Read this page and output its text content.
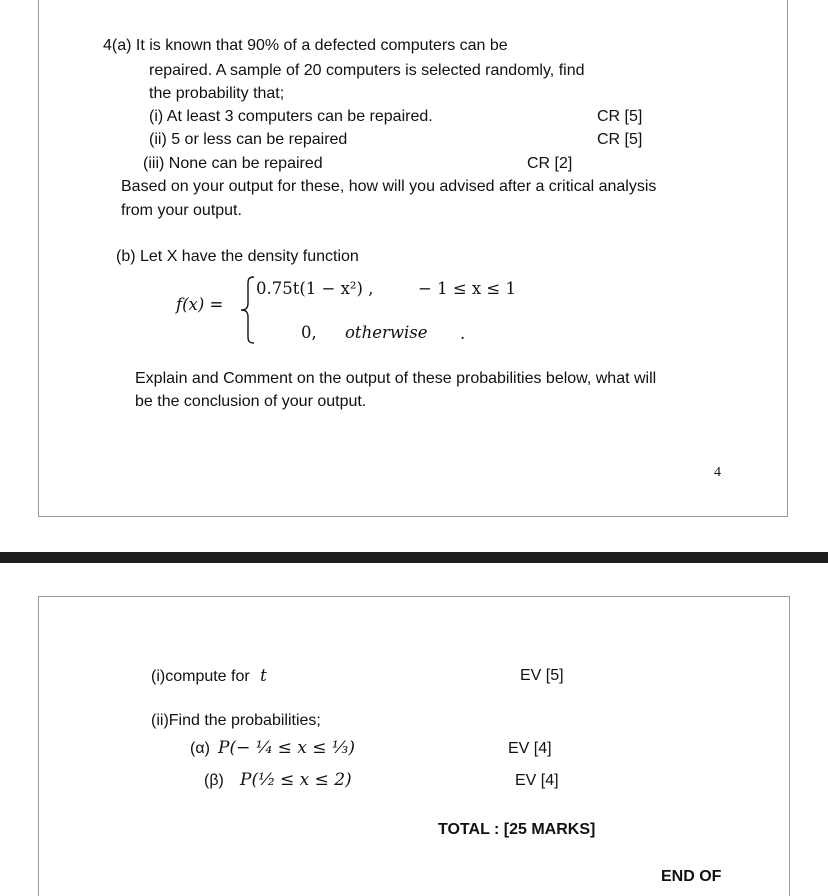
4(a) It is known that 90% of a defected computers can be
repaired. A sample of 20 computers is selected randomly, find
the probability that;
(i) At least 3 computers can be repaired.	CR [5]
(ii) 5 or less can be repaired	CR [5]
(iii) None can be repaired	CR [2]
Based on your output for these, how will you advised after a critical analysis
from your output.
(b) Let X have the density function
f(x) =
0.75t(1 − x²) ,	− 1 ≤ x ≤ 1
0, otherwise .
Explain and Comment on the output of these probabilities below, what will
be the conclusion of your output.
4
(i)compute for t	EV [5]
(ii)Find the probabilities;
(α) P(− ¹⁄₄ ≤ x ≤ ¹⁄₃)	EV [4]
(β) P(¹⁄₂ ≤ x ≤ 2)	EV [4]
TOTAL : [25 MARKS]
END OF
